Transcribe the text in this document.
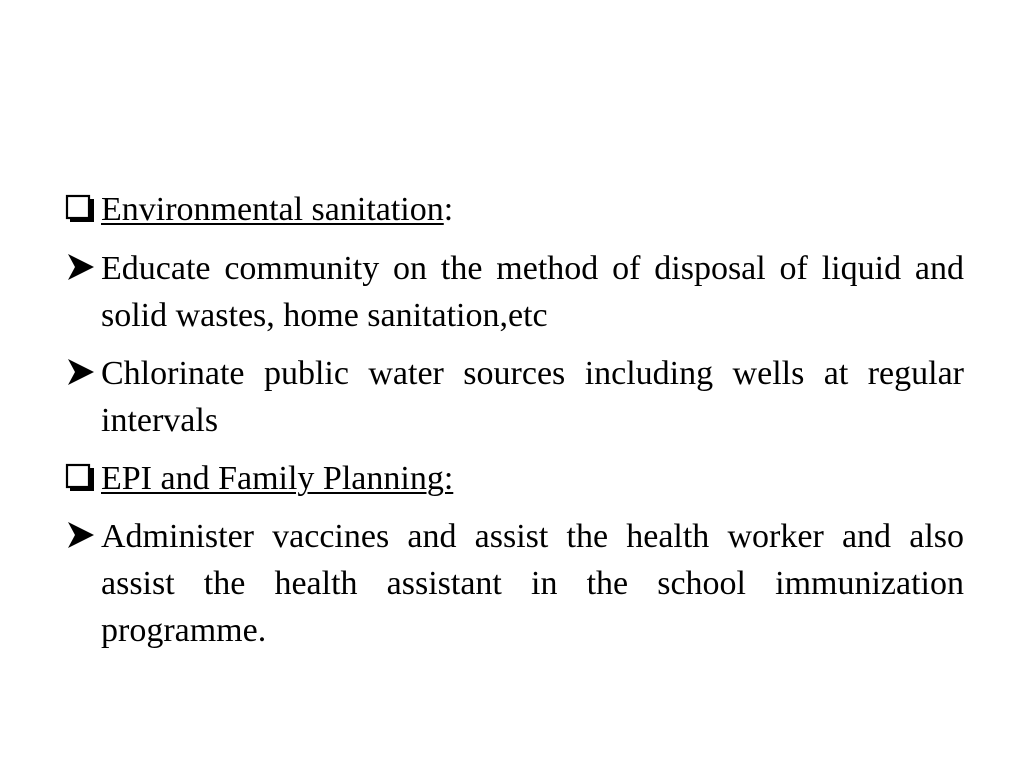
Environmental sanitation:
Educate community on the method of disposal of liquid and solid wastes, home sanitation,etc
Chlorinate public water sources including wells at regular intervals
EPI and Family Planning:
Administer vaccines and assist the health worker and also assist the health assistant in the school immunization programme.
